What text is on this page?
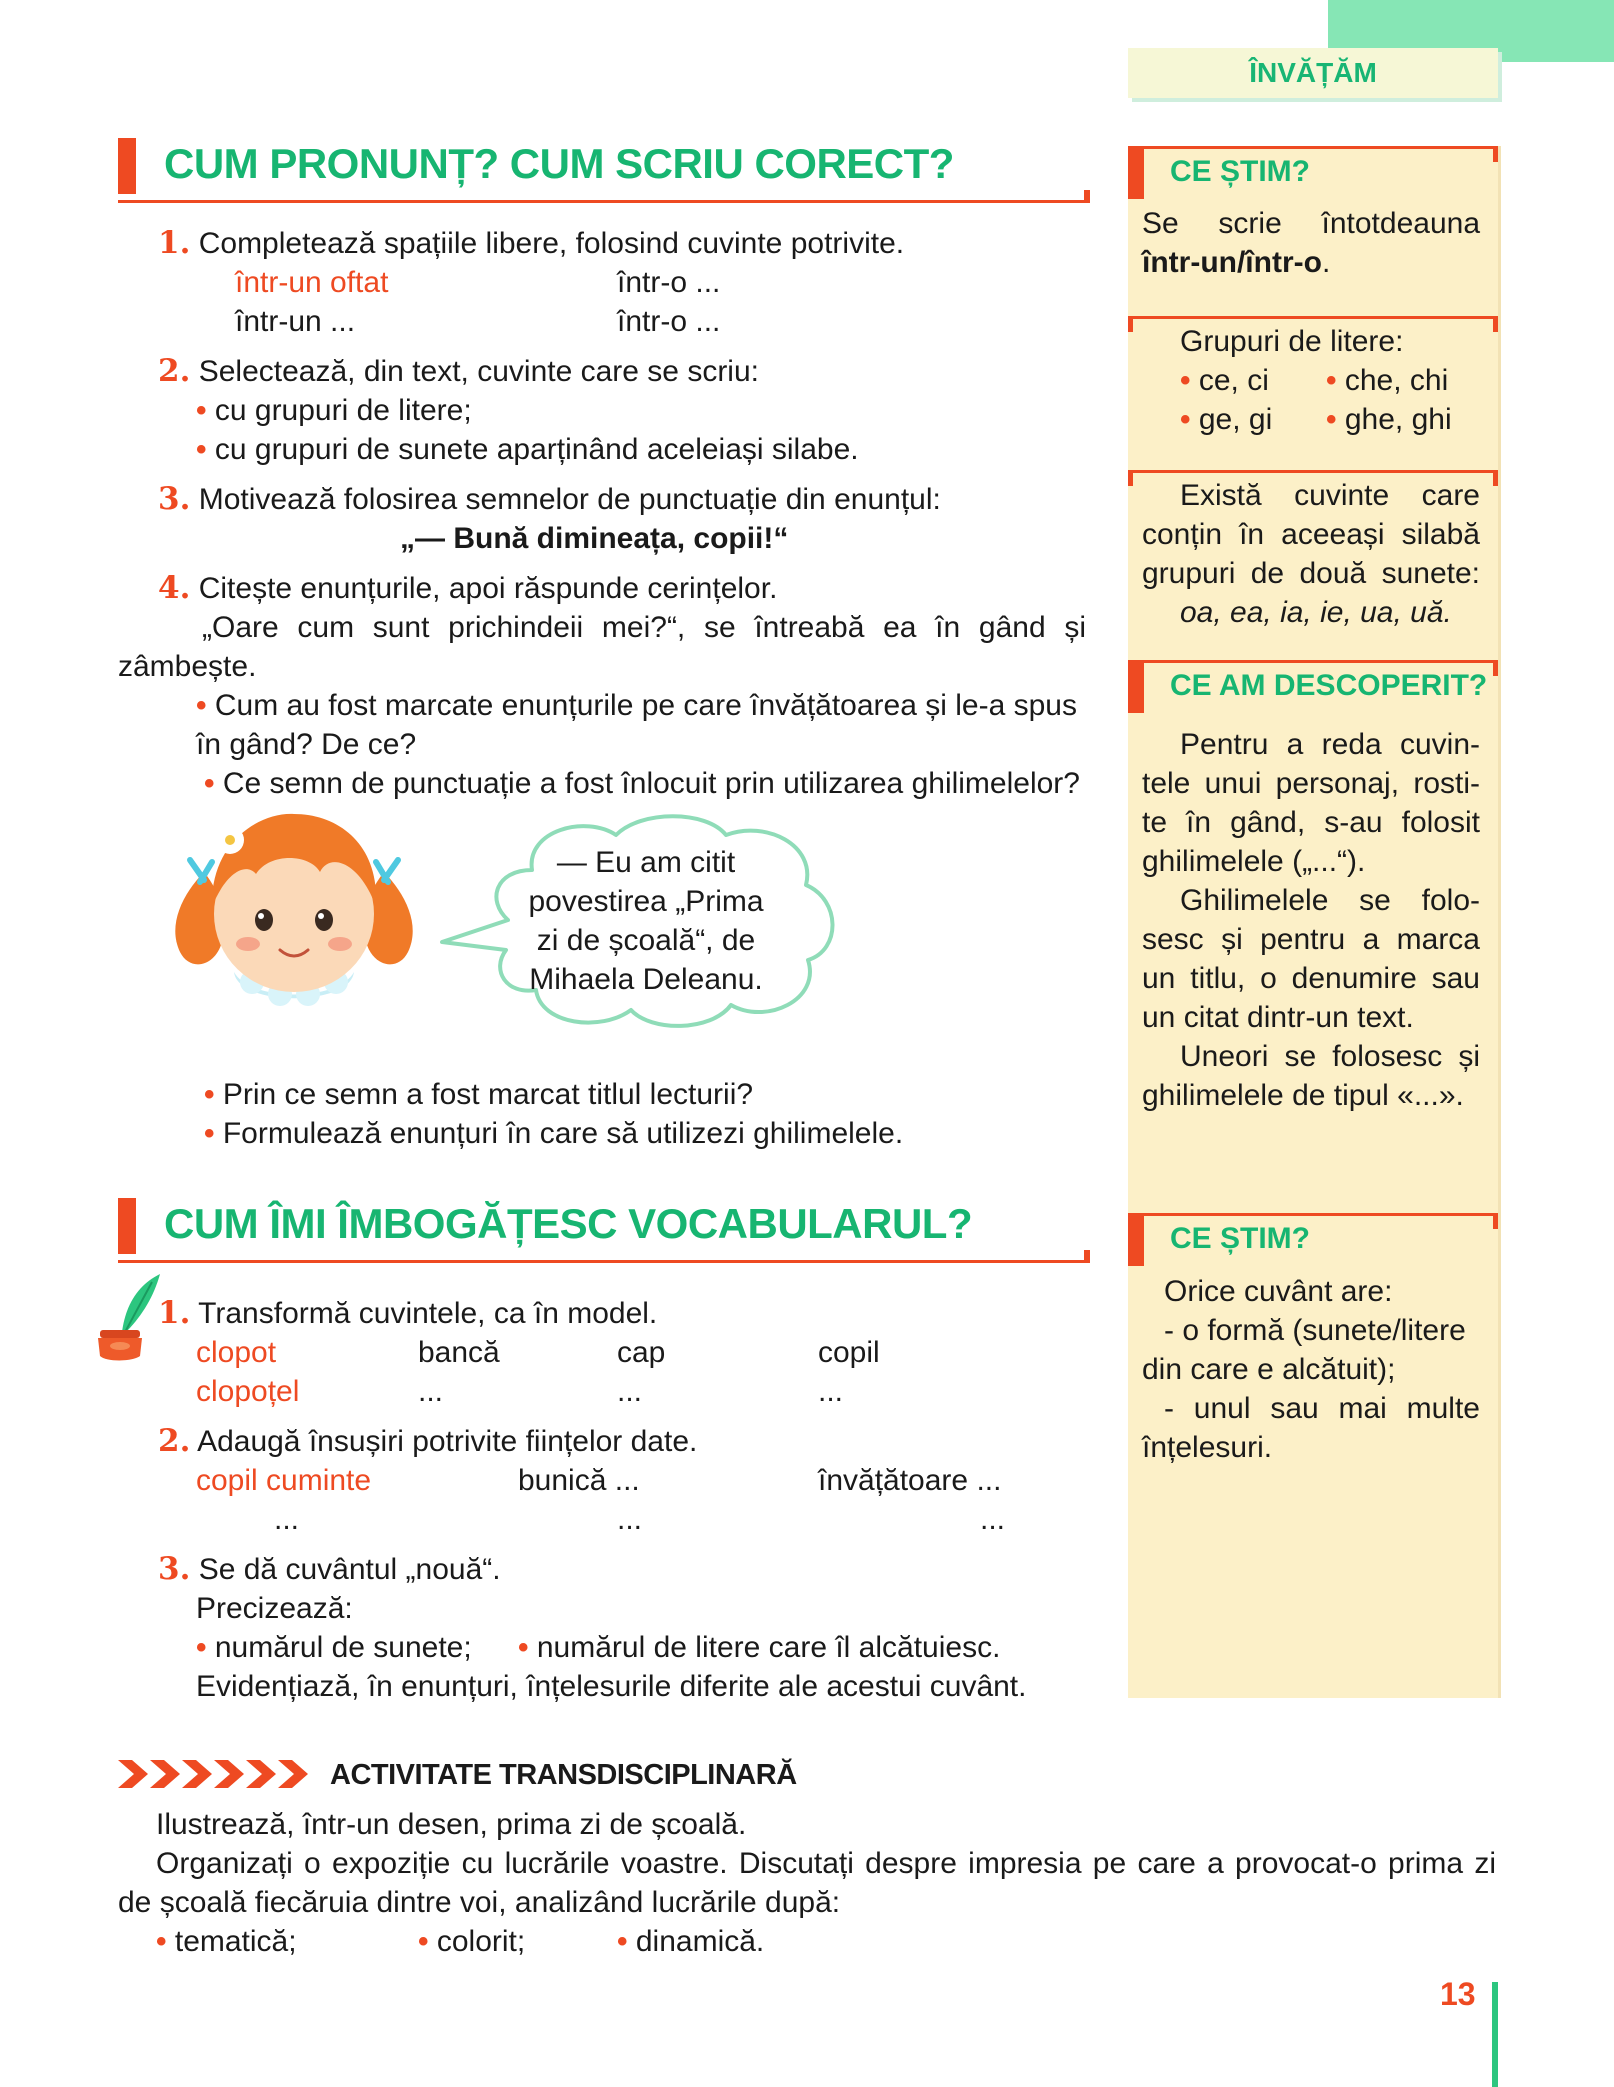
ÎNVĂȚĂM
CUM PRONUNȚ? CUM SCRIU CORECT?
1. Completează spațiile libere, folosind cuvinte potrivite.
într-un oftat	într-o ...
într-un ...	într-o ...
2. Selectează, din text, cuvinte care se scriu:
• cu grupuri de litere;
• cu grupuri de sunete aparținând aceleiași silabe.
3. Motivează folosirea semnelor de punctuație din enunțul:
„— Bună dimineața, copii!“
4. Citește enunțurile, apoi răspunde cerințelor.
„Oare cum sunt prichindeii mei?“, se întreabă ea în gând și
zâmbește.
• Cum au fost marcate enunțurile pe care învățătoarea și le-a spus
în gând? De ce?
• Ce semn de punctuație a fost înlocuit prin utilizarea ghilimelelor?
— Eu am citit
povestirea „Prima
zi de școală“, de
Mihaela Deleanu.
• Prin ce semn a fost marcat titlul lecturii?
• Formulează enunțuri în care să utilizezi ghilimelele.
CUM ÎMI ÎMBOGĂȚESC VOCABULARUL?
1. Transformă cuvintele, ca în model.
clopot	bancă	cap	copil
clopoțel	...	...	...
2. Adaugă însușiri potrivite ființelor date.
copil cuminte	bunică ...	învățătoare ...
...	...	...
3. Se dă cuvântul „nouă“.
Precizează:
• numărul de sunete; • numărul de litere care îl alcătuiesc.
Evidențiază, în enunțuri, înțelesurile diferite ale acestui cuvânt.
ACTIVITATE TRANSDISCIPLINARĂ
Ilustrează, într-un desen, prima zi de școală.
Organizați o expoziție cu lucrările voastre. Discutați despre impresia pe care a provocat-o prima zi
de școală fiecăruia dintre voi, analizând lucrările după:
• tematică;	• colorit;	• dinamică.
CE ȘTIM?
Se scrie întotdeauna
într-un/într-o.
Grupuri de litere:
• ce, ci • che, chi
• ge, gi • ghe, ghi
Există cuvinte care
conțin în aceeași silabă
grupuri de două sunete:
oa, ea, ia, ie, ua, uă.
CE AM DESCOPERIT?
Pentru a reda cuvin-
tele unui personaj, rosti-
te în gând, s-au folosit
ghilimelele („...“).
Ghilimelele se folo-
sesc și pentru a marca
un titlu, o denumire sau
un citat dintr-un text.
Uneori se folosesc și
ghilimelele de tipul «...».
CE ȘTIM?
Orice cuvânt are:
- o formă (sunete/litere
din care e alcătuit);
- unul sau mai multe
înțelesuri.
13
